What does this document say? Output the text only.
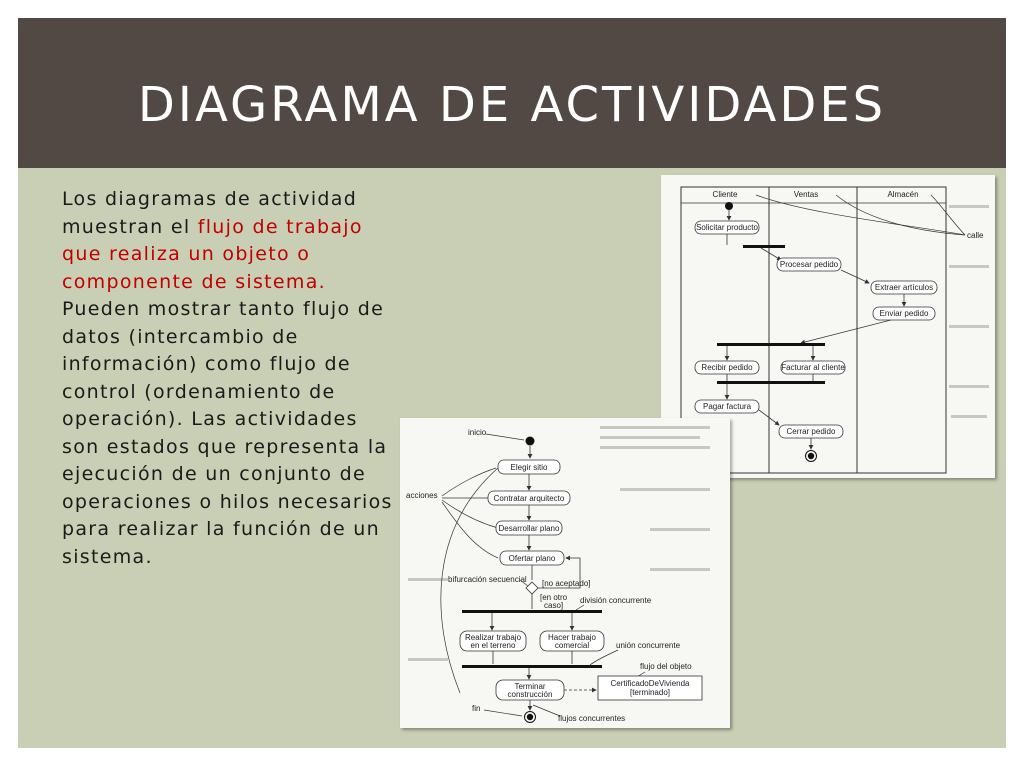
DIAGRAMA DE ACTIVIDADES
Los diagramas de actividad muestran el flujo de trabajo que realiza un objeto o componente de sistema. Pueden mostrar tanto flujo de datos (intercambio de información) como flujo de control (ordenamiento de operación). Las actividades son estados que representa la ejecución de un conjunto de operaciones o hilos necesarios para realizar la función de un sistema.
Cliente	Ventas	Almacén
calle
Solicitar producto
Procesar pedido
Extraer artículos
Enviar pedido
Recibir pedido	Facturar al cliente
Pagar factura
Cerrar pedido
inicio
acciones
Elegir sitio
Contratar arquitecto
Desarrollar plano
Ofertar plano
bifurcación secuencial [no aceptado]
[en otro
caso]
división concurrente
Realizar trabajo
en el terreno
Hacer trabajo
comercial	unión concurrente
Terminar
construcción
flujo del objeto
CertificadoDeVivienda
[terminado]
fin
flujos concurrentes
